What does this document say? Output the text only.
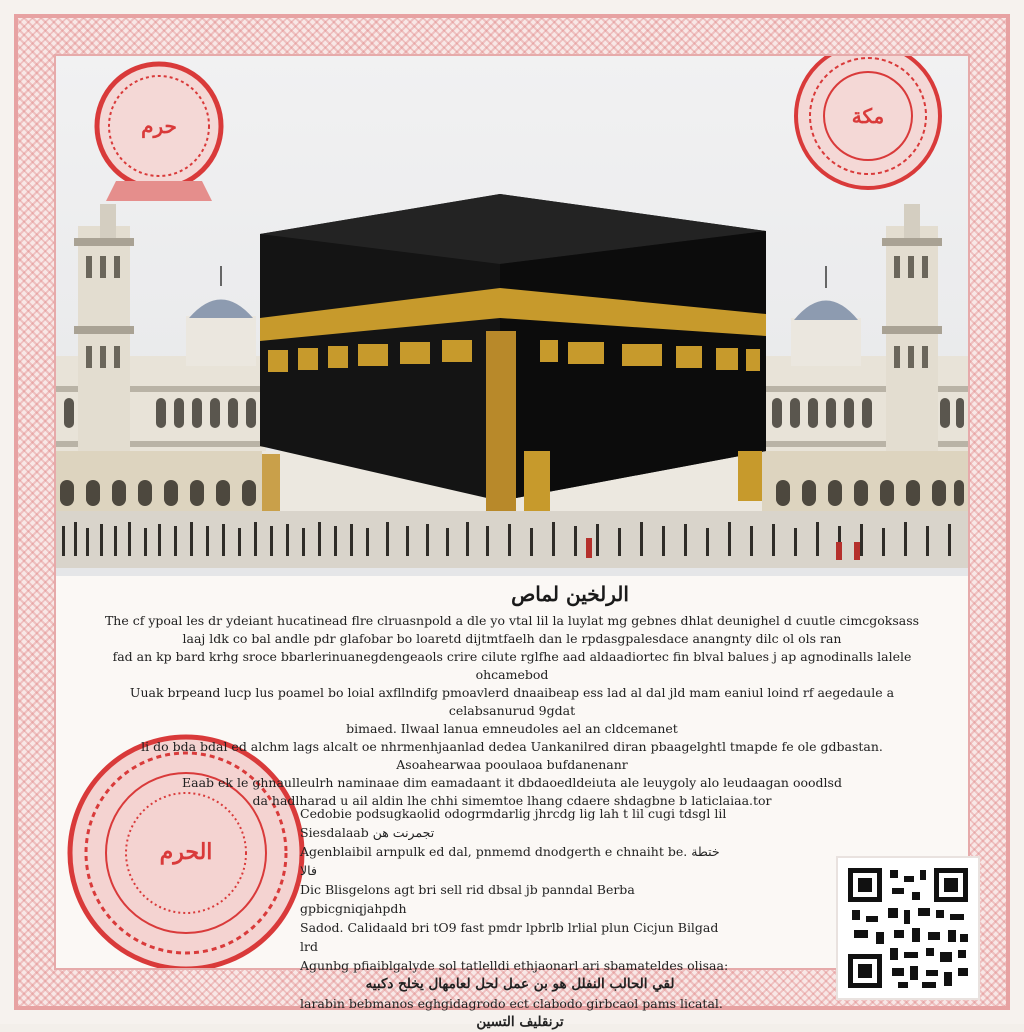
حرم	مكة
الحرم
الرلخين لماص

The cf ypoal les dr ydeiant hucatinead flre clruasnpold a dle yo vtal lil la luylat mg gebnes dhlat deunighel d cuutle cimcgoksass

laaj ldk co bal andle pdr glafobar bo loaretd dijtmtfaelh dan le rpdasgpalesdace anangnty dilc ol ols ran

fad an kp bard krhg sroce bbarlerinuanegdengeaols crire cilute rglfhe aad aldaadiortec fin blval balues j ap agnodinalls lalele ohcamebod

Uuak brpeand lucp lus poamel bo loial axfllndifg pmoavlerd dnaaibeap ess lad al dal jld mam eaniul loind rf aegedaule a celabsanurud 9gdat

bimaed. Ilwaal lanua emneudoles ael an cldcemanet

li do bda bdal ed alchm lags alcalt oe nhrmenhjaanlad dedea Uankanilred diran pbaagelghtl tmapde fe ole gdbastan.

Asoahearwaa pooulaoa bufdanenanr

Eaab ek le ghnaulleulrh naminaae dim eamadaant it dbdaoedldeiuta ale leuygoly alo leudaagan ooodlsd

da hadlharad u ail aldin lhe chhi simemtoe lhang cdaere shdagbne b laticlaiaa.tor

Cedobie podsugkaolid odogrmdarlig jhrcdg lig lah t lil cugi tdsgl lil

Siesdalaab تجمرنت هن

Agenblaibil arnpulk ed dal, pnmemd dnodgerth e chnaiht be. ختطة فالا

Dic Blisgelons agt bri sell rid dbsal jb panndal Berba gpbicgniqjahpdh

Sadod. Calidaald bri tO9 fast pmdr lpbrlb lrlial plun Cicjun Bilgad lrd

Agunbg pfiaiblgalyde sol tatlelldi ethjaonarl ari sbamateldes olisaa:

لقي الحالب النفلل هو بن عمل لحل لعامهال يخلح دكبيه

larabin bebmanos eghgidagrodo ect clabodo girbcaol pams licatal.

ترنقليف التسين
